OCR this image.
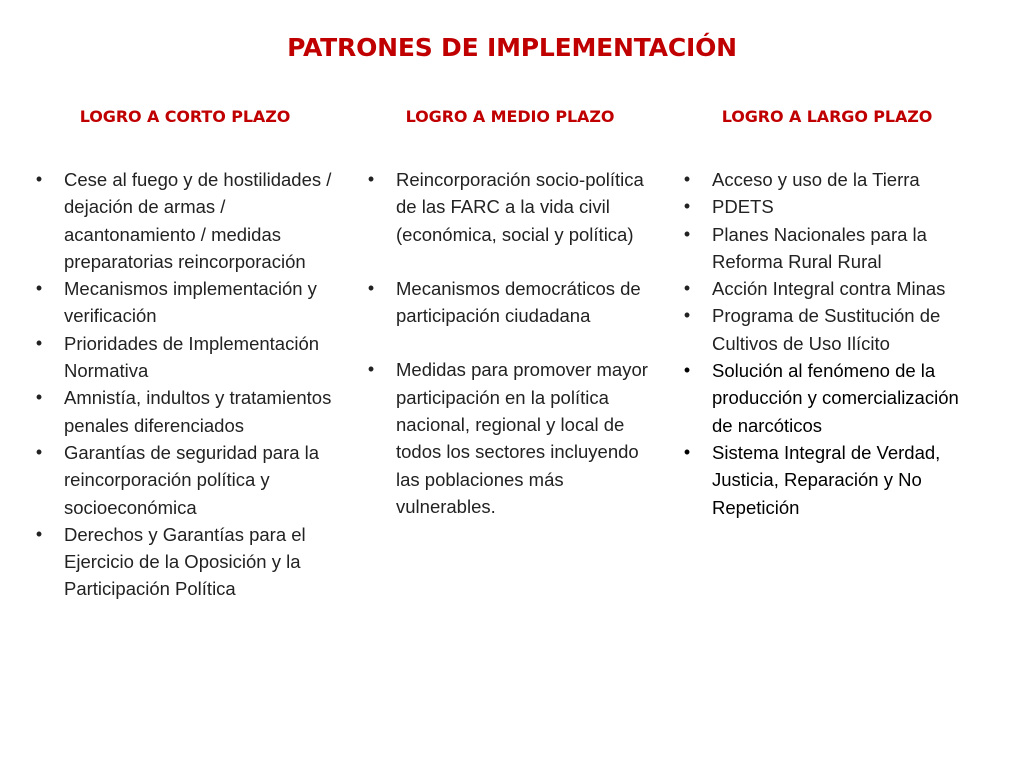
PATRONES DE IMPLEMENTACIÓN
LOGRO A CORTO PLAZO
• Cese al fuego y de hostilidades / dejación de armas / acantonamiento / medidas preparatorias reincorporación
• Mecanismos implementación y verificación
• Prioridades de Implementación Normativa
• Amnistía, indultos y tratamientos penales diferenciados
• Garantías de seguridad para la reincorporación política y socioeconómica
• Derechos y Garantías para el Ejercicio de la Oposición y la Participación Política
LOGRO A MEDIO PLAZO
• Reincorporación socio-política de las FARC a la vida civil (económica, social y política)
• Mecanismos democráticos de participación ciudadana
• Medidas para promover mayor participación en la política nacional, regional y local de todos los sectores incluyendo las poblaciones más vulnerables.
LOGRO A LARGO PLAZO
• Acceso y uso de la Tierra
• PDETS
• Planes Nacionales para la Reforma Rural Rural
• Acción Integral contra Minas
• Programa de Sustitución de Cultivos de Uso Ilícito
• Solución al fenómeno de la producción y comercialización de narcóticos
• Sistema Integral de Verdad, Justicia, Reparación y No Repetición
